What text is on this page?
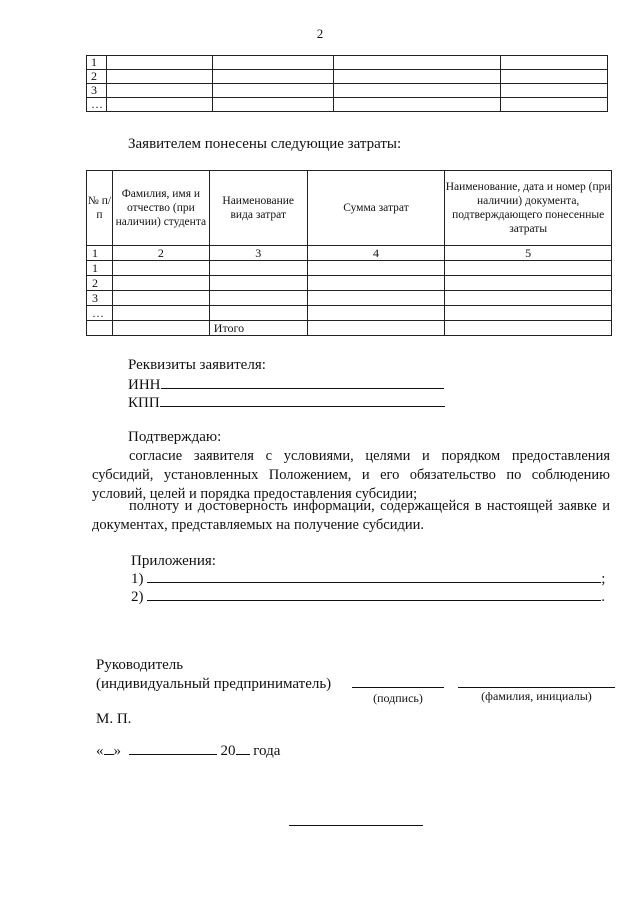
2
1				
2				
3				
…				
Заявителем понесены следующие затраты:
№ п/п	Фамилия, имя и отчество (при наличии) студента	Наименование вида затрат	Сумма затрат	Наименование, дата и номер (при наличии) документа, подтверждающего понесенные затраты
1	2	3	4	5
1				
2				
3				
…				
		Итого		
Реквизиты заявителя:
ИНН
КПП
Подтверждаю:
согласие заявителя с условиями, целями и порядком предоставления субсидий, установленных Положением, и его обязательство по соблюдению условий, целей и порядка предоставления субсидии;
полноту и достоверность информации, содержащейся в настоящей заявке и документах, представляемых на получение субсидии.
Приложения:
1)	;
2)	.
Руководитель
(индивидуальный предприниматель)
(подпись)	(фамилия, инициалы)
М. П.
« »	20 года
